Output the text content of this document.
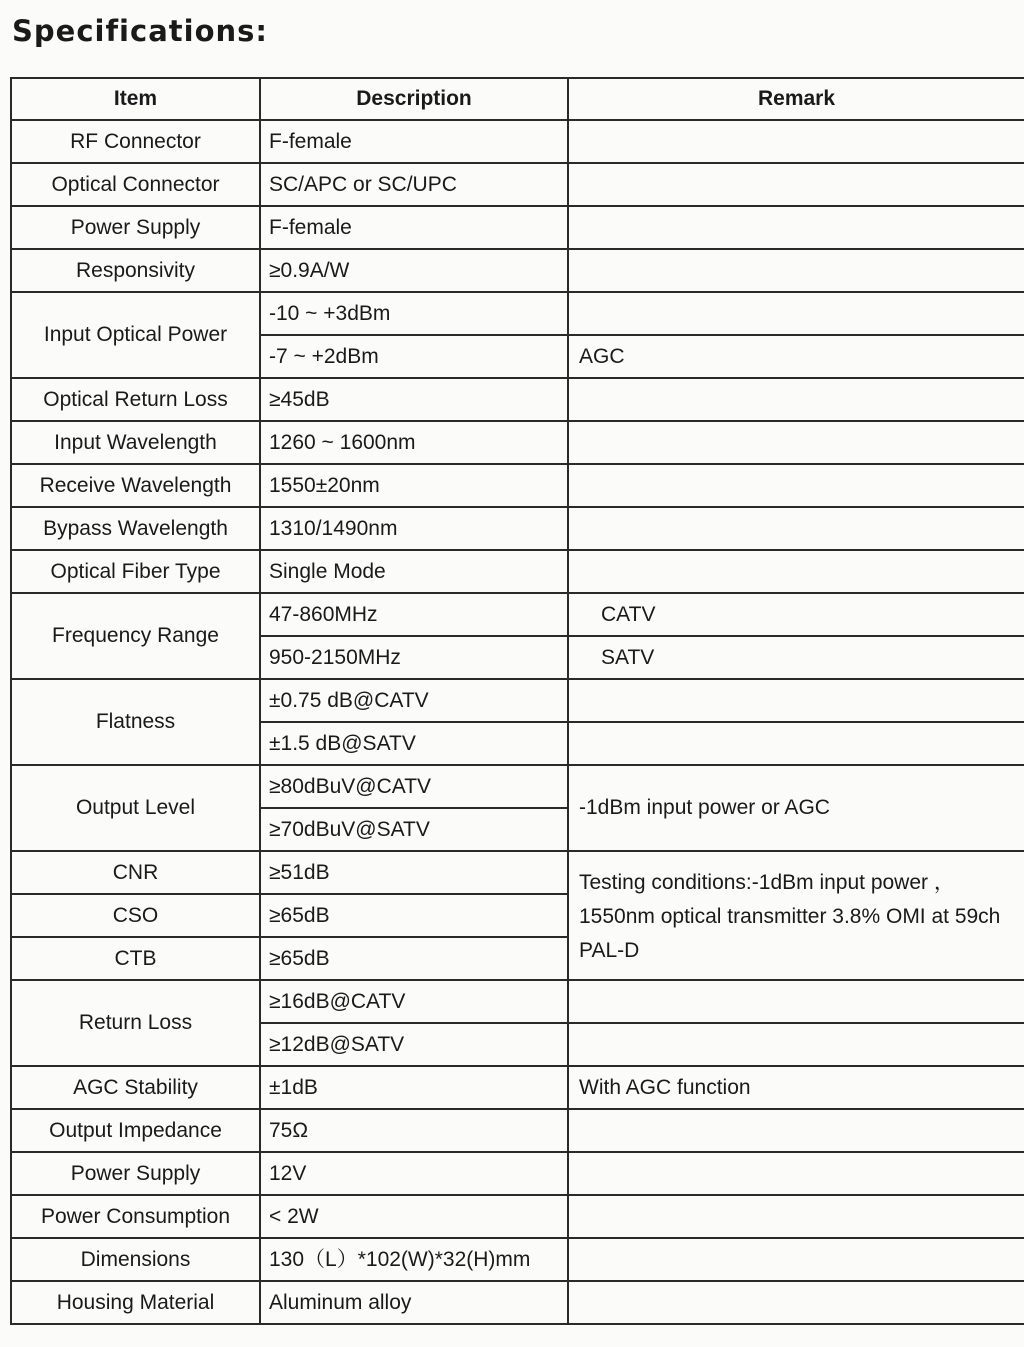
Specifications:
Item	Description	Remark
RF Connector	F-female	
Optical Connector	SC/APC or SC/UPC	
Power Supply	F-female	
Responsivity	≥0.9A/W	
Input Optical Power	-10 ~ +3dBm	
	-7 ~ +2dBm	AGC
Optical Return Loss	≥45dB	
Input Wavelength	1260 ~ 1600nm	
Receive Wavelength	1550±20nm	
Bypass Wavelength	1310/1490nm	
Optical Fiber Type	Single Mode	
Frequency Range	47-860MHz	CATV
	950-2150MHz	SATV
Flatness	±0.75 dB@CATV	
	±1.5 dB@SATV	
Output Level	≥80dBuV@CATV	-1dBm input power or AGC
	≥70dBuV@SATV	
CNR	≥51dB	Testing conditions:-1dBm input power ，
1550nm optical transmitter 3.8% OMI at 59ch
PAL-D

CSO	≥65dB	
CTB	≥65dB	
Return Loss	≥16dB@CATV	
	≥12dB@SATV	
AGC Stability	±1dB	With AGC function
Output Impedance	75Ω	
Power Supply	12V	
Power Consumption	< 2W	
Dimensions	130（L）*102(W)*32(H)mm	
Housing Material	Aluminum alloy	
